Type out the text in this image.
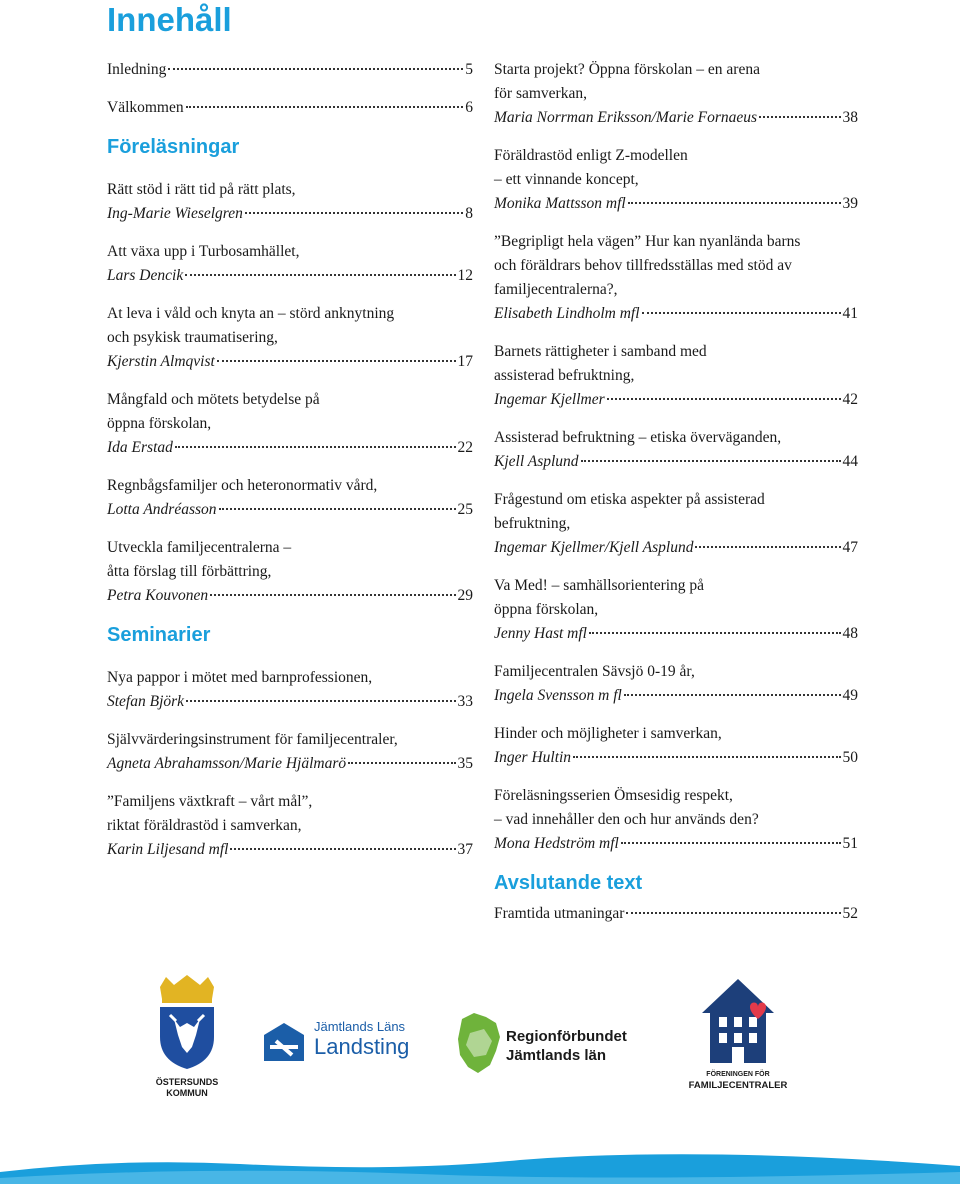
Innehåll
Inledning	5
Välkommen	6
Föreläsningar
Rätt stöd i rätt tid på rätt plats,
Ing-Marie Wieselgren	8
Att växa upp i Turbosamhället,
Lars Dencik	12
At leva i våld och knyta an – störd anknytning
och psykisk traumatisering,
Kjerstin Almqvist	17
Mångfald och mötets betydelse på
öppna förskolan,
Ida Erstad	22
Regnbågsfamiljer och heteronormativ vård,
Lotta Andréasson	25
Utveckla familjecentralerna –
åtta förslag till förbättring,
Petra Kouvonen	29
Seminarier
Nya pappor i mötet med barnprofessionen,
Stefan Björk	33
Självvärderingsinstrument för familjecentraler,
Agneta Abrahamsson/Marie Hjälmarö	35
”Familjens växtkraft – vårt mål”,
riktat föräldrastöd i samverkan,
Karin Liljesand mfl	37
Starta projekt? Öppna förskolan – en arena
för samverkan,
Maria Norrman Eriksson/Marie Fornaeus	38
Föräldrastöd enligt Z-modellen
– ett vinnande koncept,
Monika Mattsson mfl	39
”Begripligt hela vägen” Hur kan nyanlända barns
och föräldrars behov tillfredsställas med stöd av
familjecentralerna?,
Elisabeth Lindholm mfl	41
Barnets rättigheter i samband med
assisterad befruktning,
Ingemar Kjellmer	42
Assisterad befruktning – etiska överväganden,
Kjell Asplund	44
Frågestund om etiska aspekter på assisterad
befruktning,
Ingemar Kjellmer/Kjell Asplund	47
Va Med! – samhällsorientering på
öppna förskolan,
Jenny Hast mfl	48
Familjecentralen Sävsjö 0-19 år,
Ingela Svensson m fl	49
Hinder och möjligheter i samverkan,
Inger Hultin	50
Föreläsningsserien Ömsesidig respekt,
– vad innehåller den och hur används den?
Mona Hedström mfl	51
Avslutande text
Framtida utmaningar	52
ÖSTERSUNDS
KOMMUN
Jämtlands Läns
Landsting	Regionförbundet
Jämtlands län
FÖRENINGEN FÖR
FAMILJECENTRALER
